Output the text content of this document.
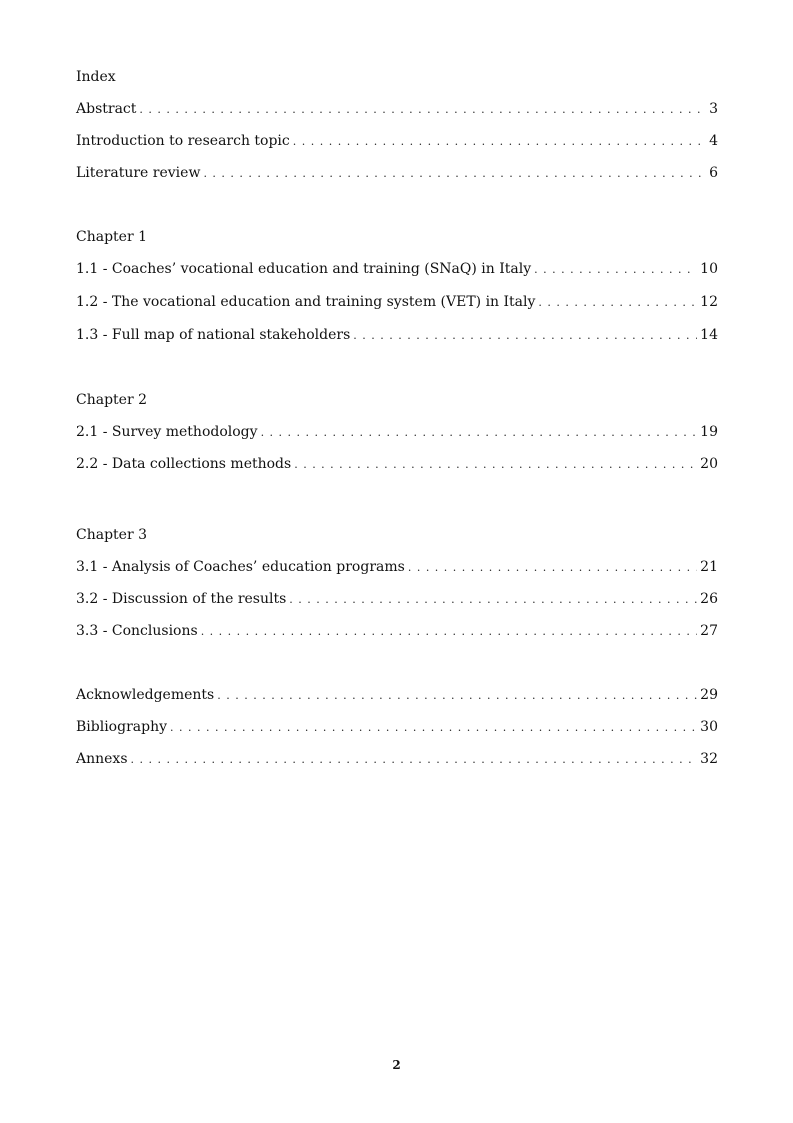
Index
Abstract . . .	3
Introduction to research topic . . .	4
Literature review . . .	6
Chapter 1
1.1 - Coaches’ vocational education and training (SNaQ) in Italy . . .	10
1.2 - The vocational education and training system (VET) in Italy . . .	12
1.3 - Full map of national stakeholders . . .	14
Chapter 2
2.1 - Survey methodology . . .	19
2.2 - Data collections methods . . .	20
Chapter 3
3.1 - Analysis of Coaches’ education programs . . .	21
3.2 - Discussion of the results . . .	26
3.3 - Conclusions . . .	27
Acknowledgements . . .	29
Bibliography . . .	30
Annexs . . .	32
2
